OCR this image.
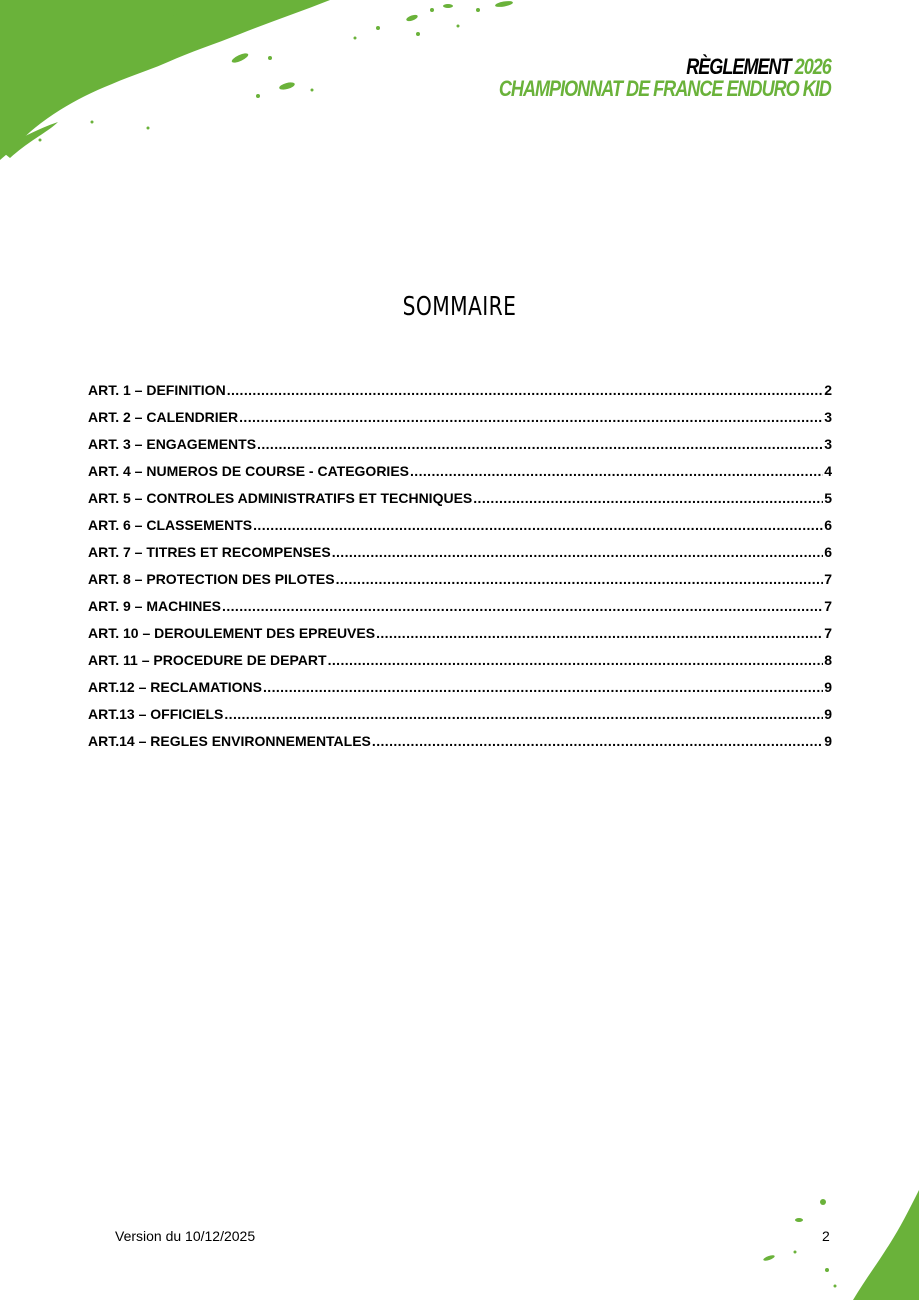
RÈGLEMENT 2026
CHAMPIONNAT DE FRANCE ENDURO KID
SOMMAIRE
ART. 1 – DEFINITION .....	2
ART. 2 – CALENDRIER .....	3
ART. 3 – ENGAGEMENTS .....	3
ART. 4 – NUMEROS DE COURSE - CATEGORIES .....	4
ART. 5 – CONTROLES ADMINISTRATIFS ET TECHNIQUES .....	5
ART. 6 – CLASSEMENTS .....	6
ART. 7 – TITRES ET RECOMPENSES .....	6
ART. 8 – PROTECTION DES PILOTES .....	7
ART. 9 – MACHINES .....	7
ART. 10 – DEROULEMENT DES EPREUVES .....	7
ART. 11 – PROCEDURE DE DEPART .....	8
ART.12 – RECLAMATIONS .....	9
ART.13 – OFFICIELS .....	9
ART.14 – REGLES ENVIRONNEMENTALES .....	9
Version du 10/12/2025	2
